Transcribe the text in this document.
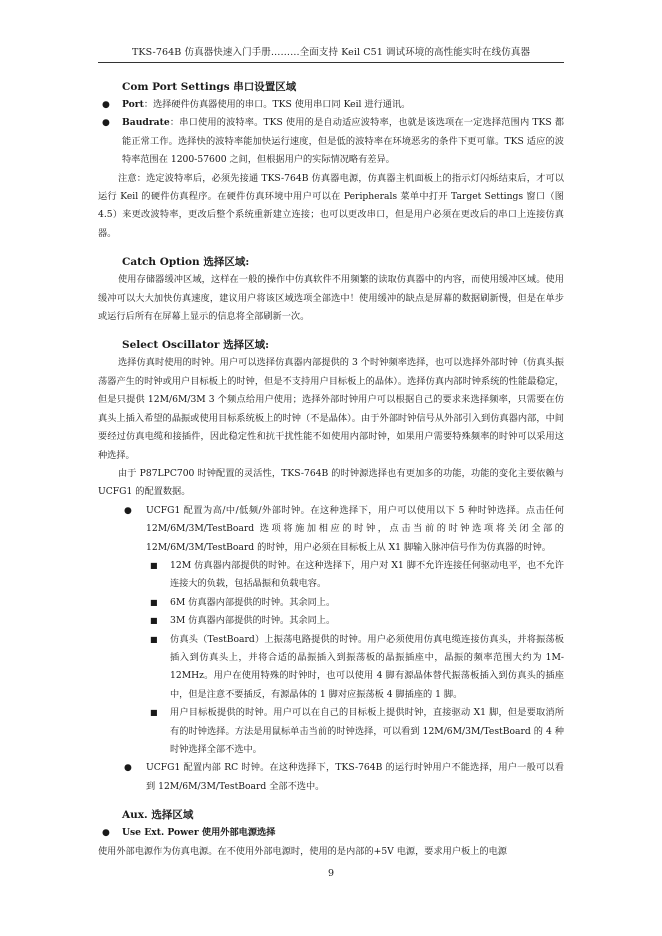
TKS-764B 仿真器快速入门手册………全面支持 Keil C51 调试环境的高性能实时在线仿真器
Com Port Settings 串口设置区域
● Port：选择硬件仿真器使用的串口。TKS 使用串口同 Keil 进行通讯。
● Baudrate：串口使用的波特率。TKS 使用的是自动适应波特率，也就是该选项在一定选择范围内 TKS 都能正常工作。选择快的波特率能加快运行速度，但是低的波特率在环境恶劣的条件下更可靠。TKS 适应的波特率范围在 1200-57600 之间，但根据用户的实际情况略有差异。

注意：选定波特率后，必须先接通 TKS-764B 仿真器电源，仿真器主机面板上的指示灯闪烁结束后，才可以运行 Keil 的硬件仿真程序。在硬件仿真环境中用户可以在 Peripherals 菜单中打开 Target Settings 窗口（图 4.5）来更改波特率，更改后整个系统重新建立连接；也可以更改串口，但是用户必须在更改后的串口上连接仿真器。

Catch Option 选择区域:

使用存储器缓冲区域，这样在一般的操作中仿真软件不用频繁的读取仿真器中的内容，而使用缓冲区域。使用缓冲可以大大加快仿真速度，建议用户将该区域选项全部选中！使用缓冲的缺点是屏幕的数据刷新慢，但是在单步或运行后所有在屏幕上显示的信息将全部刷新一次。

Select Oscillator 选择区域:

选择仿真时使用的时钟。用户可以选择仿真器内部提供的 3 个时钟频率选择，也可以选择外部时钟（仿真头振荡器产生的时钟或用户目标板上的时钟，但是不支持用户目标板上的晶体）。选择仿真内部时钟系统的性能最稳定，但是只提供 12M/6M/3M 3 个频点给用户使用；选择外部时钟用户可以根据自己的要求来选择频率，只需要在仿真头上插入希望的晶振或使用目标系统板上的时钟（不是晶体）。由于外部时钟信号从外部引入到仿真器内部，中间要经过仿真电缆和接插件，因此稳定性和抗干扰性能不如使用内部时钟，如果用户需要特殊频率的时钟可以采用这种选择。

由于 P87LPC700 时钟配置的灵活性，TKS-764B 的时钟源选择也有更加多的功能，功能的变化主要依赖与 UCFG1 的配置数据。

● UCFG1 配置为高/中/低频/外部时钟。在这种选择下，用户可以使用以下 5 种时钟选择。点击任何 12M/6M/3M/TestBoard 选项将施加相应的时钟，点击当前的时钟选项将关闭全部的 12M/6M/3M/TestBoard 的时钟，用户必须在目标板上从 X1 脚输入脉冲信号作为仿真器的时钟。
■ 12M 仿真器内部提供的时钟。在这种选择下，用户对 X1 脚不允许连接任何驱动电平，也不允许连接大的负载，包括晶振和负载电容。
■ 6M 仿真器内部提供的时钟。其余同上。
■ 3M 仿真器内部提供的时钟。其余同上。
■ 仿真头（TestBoard）上振荡电路提供的时钟。用户必须使用仿真电缆连接仿真头，并将振荡板插入到仿真头上，并将合适的晶振插入到振荡板的晶振插座中，晶振的频率范围大约为 1M-12MHz。用户在使用特殊的时钟时，也可以使用 4 脚有源晶体替代振荡板插入到仿真头的插座中，但是注意不要插反，有源晶体的 1 脚对应振荡板 4 脚插座的 1 脚。
■ 用户目标板提供的时钟。用户可以在自己的目标板上提供时钟，直接驱动 X1 脚，但是要取消所有的时钟选择。方法是用鼠标单击当前的时钟选择，可以看到 12M/6M/3M/TestBoard 的 4 种时钟选择全部不选中。
● UCFG1 配置内部 RC 时钟。在这种选择下，TKS-764B 的运行时钟用户不能选择，用户一般可以看到 12M/6M/3M/TestBoard 全部不选中。
Aux. 选择区域
● Use Ext. Power 使用外部电源选择

使用外部电源作为仿真电源。在不使用外部电源时，使用的是内部的+5V 电源，要求用户板上的电源

9
